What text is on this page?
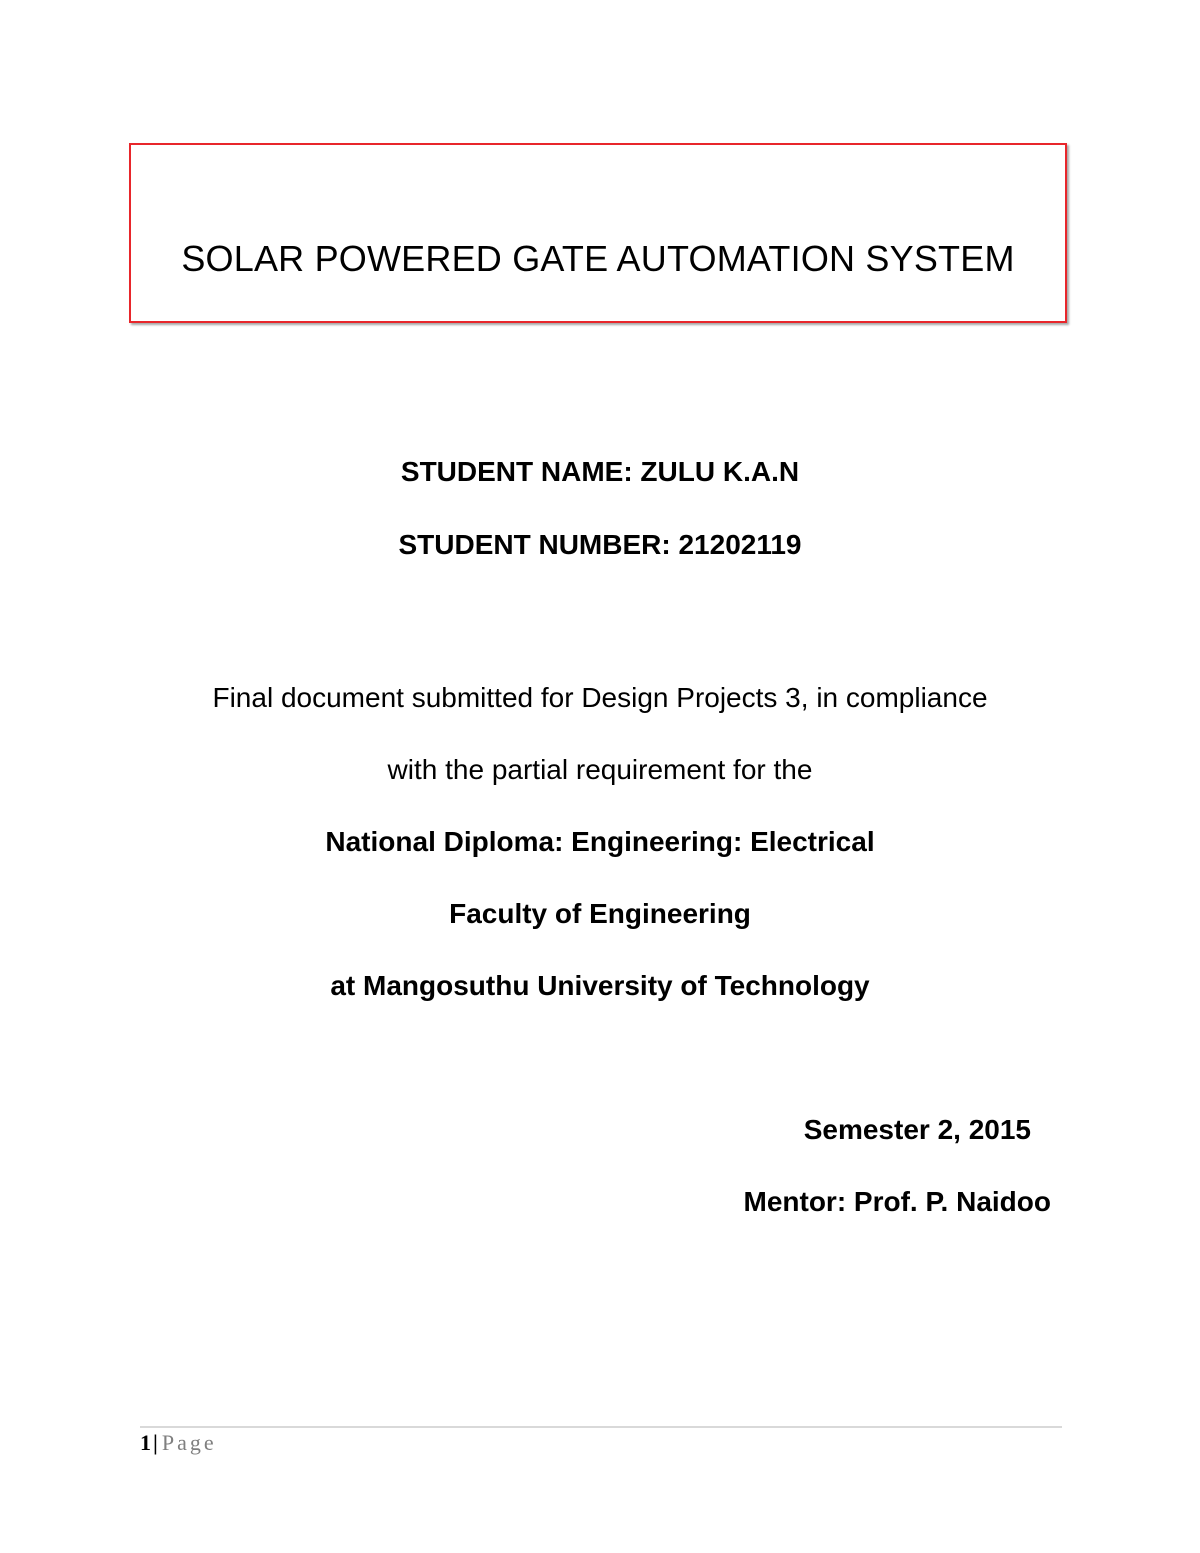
SOLAR POWERED GATE AUTOMATION SYSTEM
STUDENT NAME: ZULU K.A.N
STUDENT NUMBER: 21202119
Final document submitted for Design Projects 3, in compliance
with the partial requirement for the
National Diploma: Engineering: Electrical
Faculty of Engineering
at Mangosuthu University of Technology
Semester 2, 2015
Mentor: Prof. P. Naidoo
1| Page
